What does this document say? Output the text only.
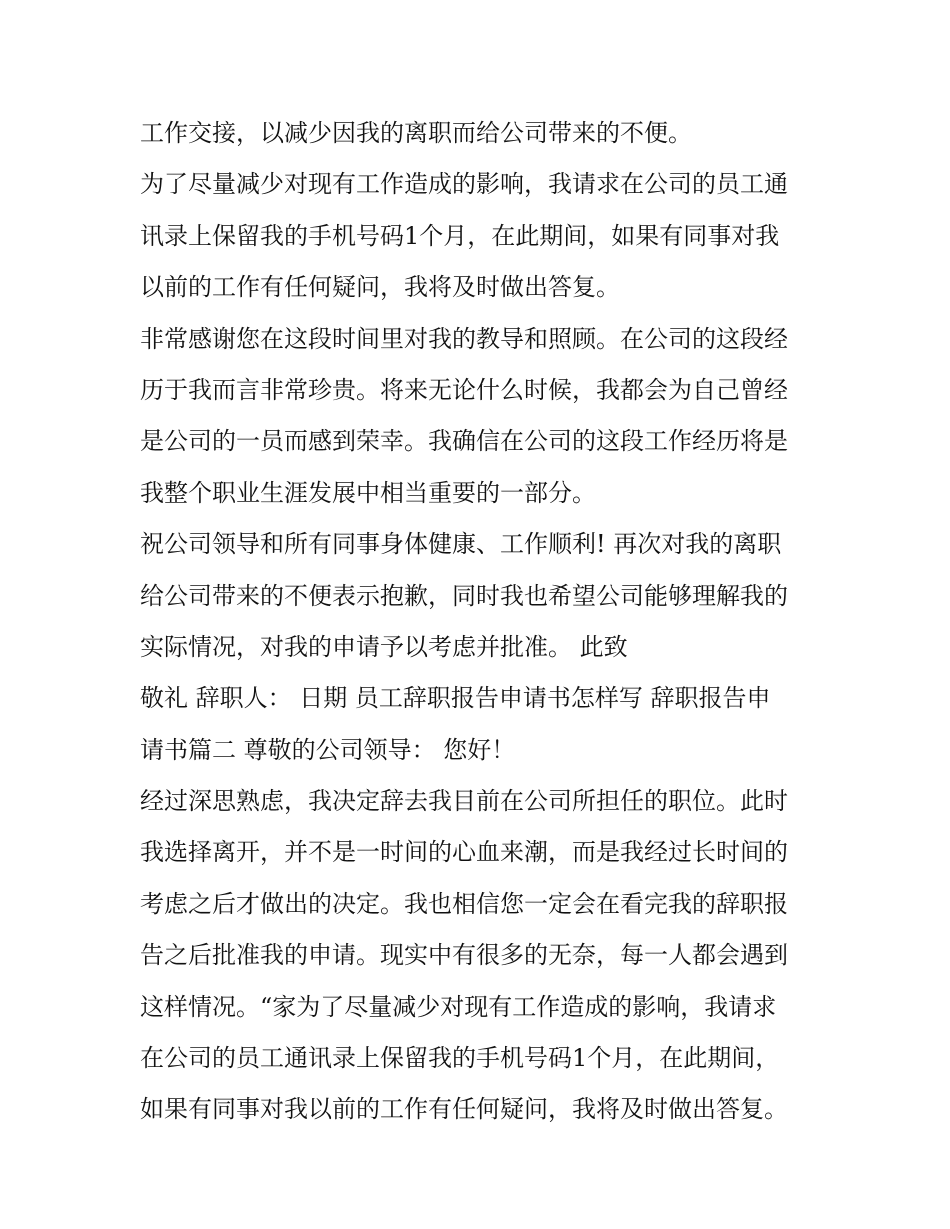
工作交接，以减少因我的离职而给公司带来的不便。
为了尽量减少对现有工作造成的影响，我请求在公司的员工通
讯录上保留我的手机号码1个月，在此期间，如果有同事对我
以前的工作有任何疑问，我将及时做出答复。
非常感谢您在这段时间里对我的教导和照顾。在公司的这段经
历于我而言非常珍贵。将来无论什么时候，我都会为自己曾经
是公司的一员而感到荣幸。我确信在公司的这段工作经历将是
我整个职业生涯发展中相当重要的一部分。
祝公司领导和所有同事身体健康、工作顺利! 再次对我的离职
给公司带来的不便表示抱歉，同时我也希望公司能够理解我的
实际情况，对我的申请予以考虑并批准。 此致
敬礼 辞职人： 日期 员工辞职报告申请书怎样写 辞职报告申
请书篇二 尊敬的公司领导： 您好！
经过深思熟虑，我决定辞去我目前在公司所担任的职位。此时
我选择离开，并不是一时间的心血来潮，而是我经过长时间的
考虑之后才做出的决定。我也相信您一定会在看完我的辞职报
告之后批准我的申请。现实中有很多的无奈，每一人都会遇到
这样情况。“家为了尽量减少对现有工作造成的影响，我请求
在公司的员工通讯录上保留我的手机号码1个月，在此期间，
如果有同事对我以前的工作有任何疑问，我将及时做出答复。
